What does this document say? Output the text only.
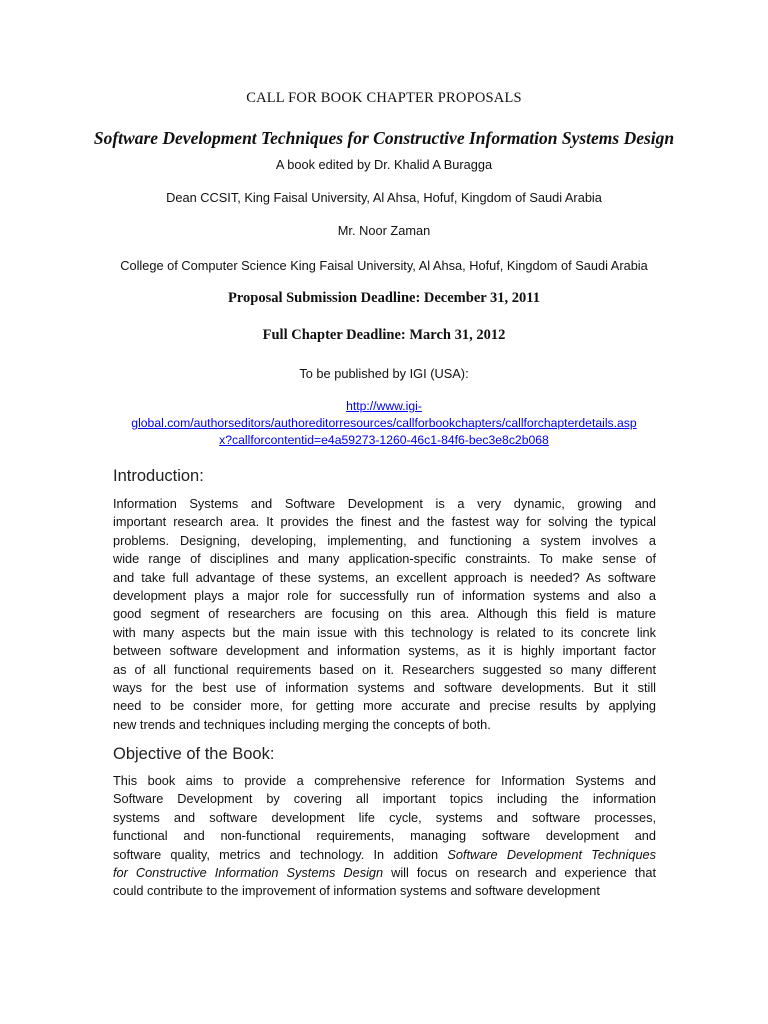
CALL FOR BOOK CHAPTER PROPOSALS
Software Development Techniques for Constructive Information Systems Design
A book edited by Dr. Khalid A Buragga
Dean CCSIT, King Faisal University, Al Ahsa, Hofuf, Kingdom of Saudi Arabia
Mr. Noor Zaman
College of Computer Science King Faisal University, Al Ahsa, Hofuf, Kingdom of Saudi Arabia
Proposal Submission Deadline: December 31, 2011
Full Chapter Deadline: March 31, 2012
To be published by IGI (USA):
http://www.igi-
global.com/authorseditors/authoreditorresources/callforbookchapters/callforchapterdetails.asp
x?callforcontentid=e4a59273-1260-46c1-84f6-bec3e8c2b068
Introduction:
Information Systems and Software Development is a very dynamic, growing and
important research area. It provides the finest and the fastest way for solving the typical
problems. Designing, developing, implementing, and functioning a system involves a
wide range of disciplines and many application-specific constraints. To make sense of
and take full advantage of these systems, an excellent approach is needed? As software
development plays a major role for successfully run of information systems and also a
good segment of researchers are focusing on this area. Although this field is mature
with many aspects but the main issue with this technology is related to its concrete link
between software development and information systems, as it is highly important factor
as of all functional requirements based on it. Researchers suggested so many different
ways for the best use of information systems and software developments. But it still
need to be consider more, for getting more accurate and precise results by applying
new trends and techniques including merging the concepts of both.
Objective of the Book:
This book aims to provide a comprehensive reference for Information Systems and
Software Development by covering all important topics including the information
systems and software development life cycle, systems and software processes,
functional and non-functional requirements, managing software development and
software quality, metrics and technology. In addition Software Development Techniques
for Constructive Information Systems Design will focus on research and experience that
could contribute to the improvement of information systems and software development
